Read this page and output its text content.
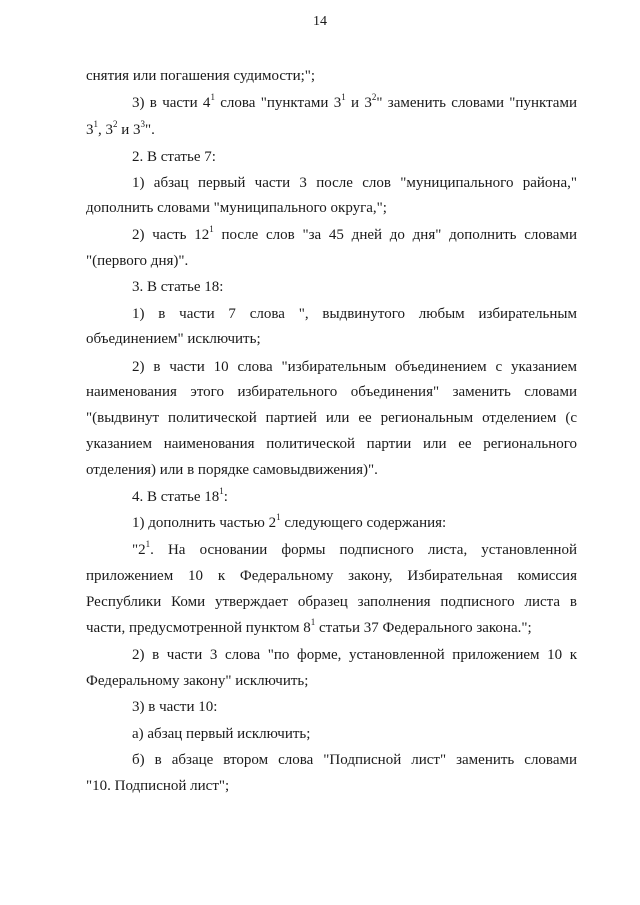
14
снятия или погашения судимости;";
3) в части $4^1$ слова "пунктами $3^1$ и $3^2$" заменить словами "пунктами
$3^1$, $3^2$ и $3^3$".
2. В статье 7:
1) абзац первый части 3 после слов "муниципального района,"
дополнить словами "муниципального округа,";
2) часть $12^1$ после слов "за 45 дней до дня" дополнить словами
"(первого дня)".
3. В статье 18:
1) в части 7 слова ", выдвинутого любым избирательным
объединением" исключить;
2) в части 10 слова "избирательным объединением с указанием
наименования этого избирательного объединения" заменить словами
"(выдвинут политической партией или ее региональным отделением (с
указанием наименования политической партии или ее регионального
отделения) или в порядке самовыдвижения)".
4. В статье $18^1$:
1) дополнить частью $2^1$ следующего содержания:
"$2^1$. На основании формы подписного листа, установленной
приложением 10 к Федеральному закону, Избирательная комиссия
Республики Коми утверждает образец заполнения подписного листа в
части, предусмотренной пунктом $8^1$ статьи 37 Федерального закона.";
2) в части 3 слова "по форме, установленной приложением 10 к
Федеральному закону" исключить;
3) в части 10:
а) абзац первый исключить;
б) в абзаце втором слова "Подписной лист" заменить словами
"10. Подписной лист";
